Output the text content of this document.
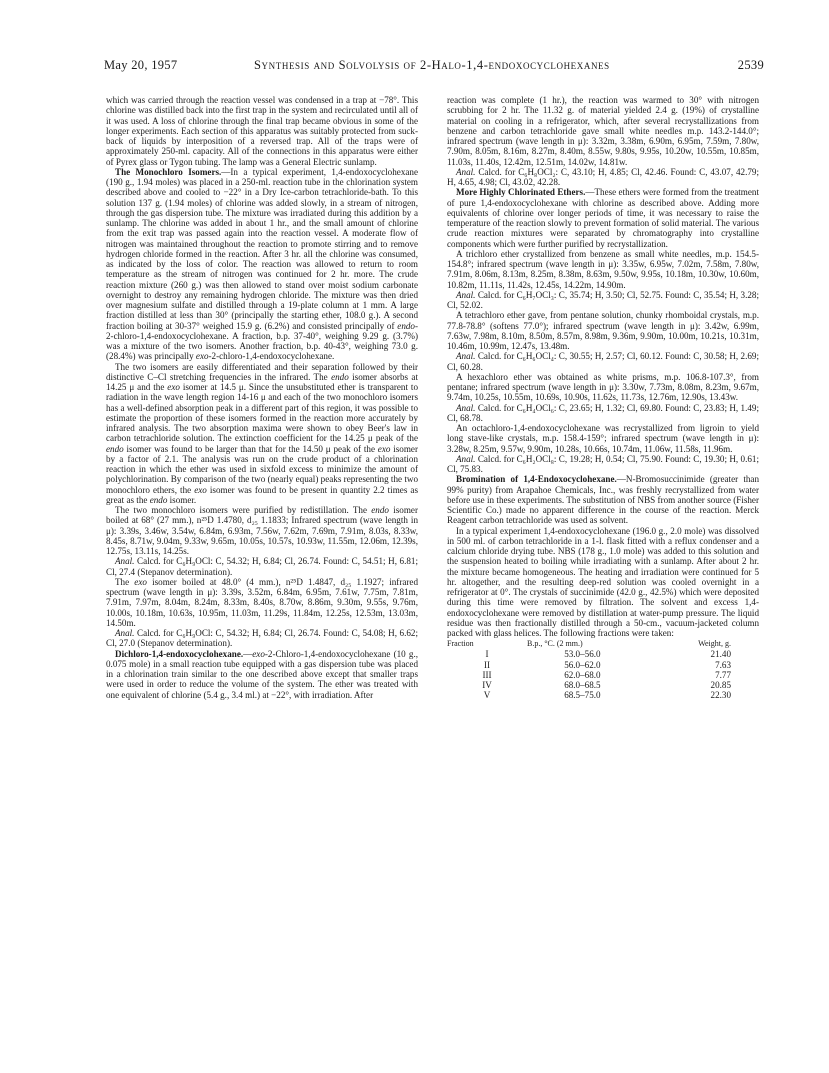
May 20, 1957	Synthesis and Solvolysis of 2-Halo-1,4-endoxocyclohexanes	2539

which was carried through the reaction vessel was condensed in a trap at −78°. This chlorine was distilled back into the first trap in the system and recirculated until all of it was used. A loss of chlorine through the final trap became obvious in some of the longer experiments. Each section of this apparatus was suitably protected from suck-back of liquids by interposition of a reversed trap. All of the traps were of approximately 250-ml. capacity. All of the connections in this apparatus were either of Pyrex glass or Tygon tubing. The lamp was a General Electric sunlamp.

The Monochloro Isomers.—In a typical experiment, 1,4-endoxocyclohexane (190 g., 1.94 moles) was placed in a 250-ml. reaction tube in the chlorination system described above and cooled to −22° in a Dry Ice-carbon tetrachloride-bath. To this solution 137 g. (1.94 moles) of chlorine was added slowly, in a stream of nitrogen, through the gas dispersion tube. The mixture was irradiated during this addition by a sunlamp. The chlorine was added in about 1 hr., and the small amount of chlorine from the exit trap was passed again into the reaction vessel. A moderate flow of nitrogen was maintained throughout the reaction to promote stirring and to remove hydrogen chloride formed in the reaction. After 3 hr. all the chlorine was consumed, as indicated by the loss of color. The reaction was allowed to return to room temperature as the stream of nitrogen was continued for 2 hr. more. The crude reaction mixture (260 g.) was then allowed to stand over moist sodium carbonate overnight to destroy any remaining hydrogen chloride. The mixture was then dried over magnesium sulfate and distilled through a 19-plate column at 1 mm. A large fraction distilled at less than 30° (principally the starting ether, 108.0 g.). A second fraction boiling at 30-37° weighed 15.9 g. (6.2%) and consisted principally of endo-2-chloro-1,4-endoxocyclohexane. A fraction, b.p. 37-40°, weighing 9.29 g. (3.7%) was a mixture of the two isomers. Another fraction, b.p. 40-43°, weighing 73.0 g. (28.4%) was principally exo-2-chloro-1,4-endoxocyclohexane.

The two isomers are easily differentiated and their separation followed by their distinctive C–Cl stretching frequencies in the infrared. The endo isomer absorbs at 14.25 μ and the exo isomer at 14.5 μ. Since the unsubstituted ether is transparent to radiation in the wave length region 14-16 μ and each of the two monochloro isomers has a well-defined absorption peak in a different part of this region, it was possible to estimate the proportion of these isomers formed in the reaction more accurately by infrared analysis. The two absorption maxima were shown to obey Beer's law in carbon tetrachloride solution. The extinction coefficient for the 14.25 μ peak of the endo isomer was found to be larger than that for the 14.50 μ peak of the exo isomer by a factor of 2.1. The analysis was run on the crude product of a chlorination reaction in which the ether was used in sixfold excess to minimize the amount of polychlorination. By comparison of the two (nearly equal) peaks representing the two monochloro ethers, the exo isomer was found to be present in quantity 2.2 times as great as the endo isomer.

The two monochloro isomers were purified by redistillation. The endo isomer boiled at 68° (27 mm.), n²⁵D 1.4780, d₂₅ 1.1833; Infrared spectrum (wave length in μ): 3.39s, 3.46w, 3.54w, 6.84m, 6.93m, 7.56w, 7.62m, 7.69m, 7.91m, 8.03s, 8.33w, 8.45s, 8.71w, 9.04m, 9.33w, 9.65m, 10.05s, 10.57s, 10.93w, 11.55m, 12.06m, 12.39s, 12.75s, 13.11s, 14.25s.

Anal. Calcd. for C₆H₉OCl: C, 54.32; H, 6.84; Cl, 26.74. Found: C, 54.51; H, 6.81; Cl, 27.4 (Stepanov determination).

The exo isomer boiled at 48.0° (4 mm.), n²⁵D 1.4847, d₂₅ 1.1927; infrared spectrum (wave length in μ): 3.39s, 3.52m, 6.84m, 6.95m, 7.61w, 7.75m, 7.81m, 7.91m, 7.97m, 8.04m, 8.24m, 8.33m, 8.40s, 8.70w, 8.86m, 9.30m, 9.55s, 9.76m, 10.00s, 10.18m, 10.63s, 10.95m, 11.03m, 11.29s, 11.84m, 12.25s, 12.53m, 13.03m, 14.50m.

Anal. Calcd. for C₆H₉OCl: C, 54.32; H, 6.84; Cl, 26.74. Found: C, 54.08; H, 6.62; Cl, 27.0 (Stepanov determination).

Dichloro-1,4-endoxocyclohexane.—exo-2-Chloro-1,4-endoxocyclohexane (10 g., 0.075 mole) in a small reaction tube equipped with a gas dispersion tube was placed in a chlorination train similar to the one described above except that smaller traps were used in order to reduce the volume of the system. The ether was treated with one equivalent of chlorine (5.4 g., 3.4 ml.) at −22°, with irradiation. After

reaction was complete (1 hr.), the reaction was warmed to 30° with nitrogen scrubbing for 2 hr. The 11.32 g. of material yielded 2.4 g. (19%) of crystalline material on cooling in a refrigerator, which, after several recrystallizations from benzene and carbon tetrachloride gave small white needles m.p. 143.2-144.0°; infrared spectrum (wave length in μ): 3.32m, 3.38m, 6.90m, 6.95m, 7.59m, 7.80w, 7.90m, 8.05m, 8.16m, 8.27m, 8.40m, 8.55w, 9.80s, 9.95s, 10.20w, 10.55m, 10.85m, 11.03s, 11.40s, 12.42m, 12.51m, 14.02w, 14.81w.

Anal. Calcd. for C₆H₈OCl₂: C, 43.10; H, 4.85; Cl, 42.46. Found: C, 43.07, 42.79; H, 4.65, 4.98; Cl, 43.02, 42.28.

More Highly Chlorinated Ethers.—These ethers were formed from the treatment of pure 1,4-endoxocyclohexane with chlorine as described above. Adding more equivalents of chlorine over longer periods of time, it was necessary to raise the temperature of the reaction slowly to prevent formation of solid material. The various crude reaction mixtures were separated by chromatography into crystalline components which were further purified by recrystallization.

A trichloro ether crystallized from benzene as small white needles, m.p. 154.5-154.8°; infrared spectrum (wave length in μ): 3.35w, 6.95w, 7.02m, 7.58m, 7.80w, 7.91m, 8.06m, 8.13m, 8.25m, 8.38m, 8.63m, 9.50w, 9.95s, 10.18m, 10.30w, 10.60m, 10.82m, 11.11s, 11.42s, 12.45s, 14.22m, 14.90m.

Anal. Calcd. for C₆H₇OCl₃: C, 35.74; H, 3.50; Cl, 52.75. Found: C, 35.54; H, 3.28; Cl, 52.02.

A tetrachloro ether gave, from pentane solution, chunky rhomboidal crystals, m.p. 77.8-78.8° (softens 77.0°); infrared spectrum (wave length in μ): 3.42w, 6.99m, 7.63w, 7.98m, 8.10m, 8.50m, 8.57m, 8.98m, 9.36m, 9.90m, 10.00m, 10.21s, 10.31m, 10.46m, 10.99m, 12.47s, 13.48m.

Anal. Calcd. for C₆H₆OCl₄: C, 30.55; H, 2.57; Cl, 60.12. Found: C, 30.58; H, 2.69; Cl, 60.28.

A hexachloro ether was obtained as white prisms, m.p. 106.8-107.3°, from pentane; infrared spectrum (wave length in μ): 3.30w, 7.73m, 8.08m, 8.23m, 9.67m, 9.74m, 10.25s, 10.55m, 10.69s, 10.90s, 11.62s, 11.73s, 12.76m, 12.90s, 13.43w.

Anal. Calcd. for C₆H₄OCl₆: C, 23.65; H, 1.32; Cl, 69.80. Found: C, 23.83; H, 1.49; Cl, 68.78.

An octachloro-1,4-endoxocyclohexane was recrystallized from ligroin to yield long stave-like crystals, m.p. 158.4-159°; infrared spectrum (wave length in μ): 3.28w, 8.25m, 9.57w, 9.90m, 10.28s, 10.66s, 10.74m, 11.06w, 11.58s, 11.96m.

Anal. Calcd. for C₆H₂OCl₈: C, 19.28; H, 0.54; Cl, 75.90. Found: C, 19.30; H, 0.61; Cl, 75.83.

Bromination of 1,4-Endoxocyclohexane.—N-Bromosuccinimide (greater than 99% purity) from Arapahoe Chemicals, Inc., was freshly recrystallized from water before use in these experiments. The substitution of NBS from another source (Fisher Scientific Co.) made no apparent difference in the course of the reaction. Merck Reagent carbon tetrachloride was used as solvent.

In a typical experiment 1,4-endoxocyclohexane (196.0 g., 2.0 mole) was dissolved in 500 ml. of carbon tetrachloride in a 1-l. flask fitted with a reflux condenser and a calcium chloride drying tube. NBS (178 g., 1.0 mole) was added to this solution and the suspension heated to boiling while irradiating with a sunlamp. After about 2 hr. the mixture became homogeneous. The heating and irradiation were continued for 5 hr. altogether, and the resulting deep-red solution was cooled overnight in a refrigerator at 0°. The crystals of succinimide (42.0 g., 42.5%) which were deposited during this time were removed by filtration. The solvent and excess 1,4-endoxocyclohexane were removed by distillation at water-pump pressure. The liquid residue was then fractionally distilled through a 50-cm., vacuum-jacketed column packed with glass helices. The following fractions were taken:

Fraction	B.p., °C. (2 mm.)	Weight, g.
I	53.0–56.0	21.40
II	56.0–62.0	7.63
III	62.0–68.0	7.77
IV	68.0–68.5	20.85
V	68.5–75.0	22.30
